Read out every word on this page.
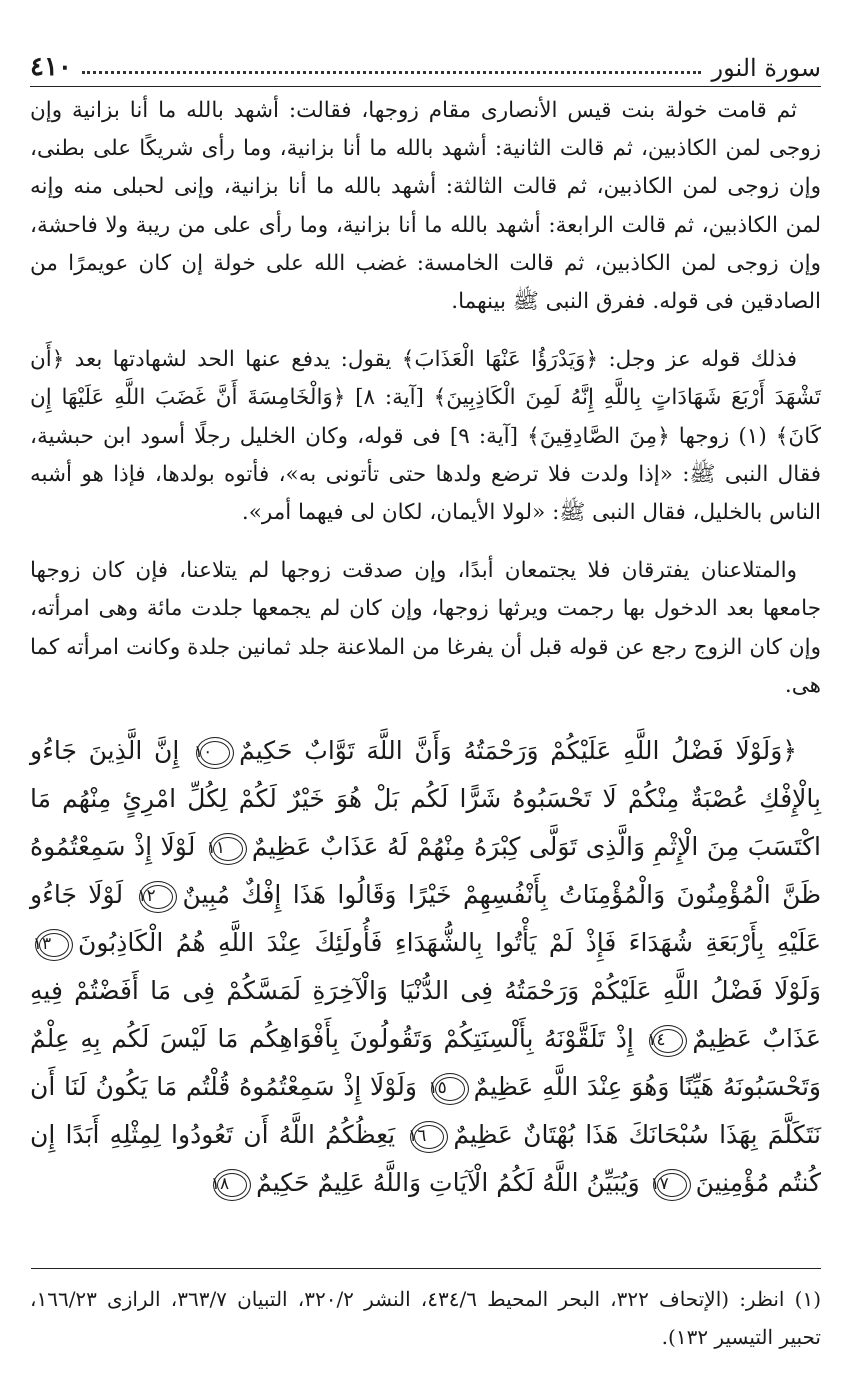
سورة النور
٤١٠

ثم قامت خولة بنت قيس الأنصارى مقام زوجها، فقالت: أشهد بالله ما أنا بزانية وإن زوجى لمن الكاذبين، ثم قالت الثانية: أشهد بالله ما أنا بزانية، وما رأى شريكًا على بطنى، وإن زوجى لمن الكاذبين، ثم قالت الثالثة: أشهد بالله ما أنا بزانية، وإنى لحبلى منه وإنه لمن الكاذبين، ثم قالت الرابعة: أشهد بالله ما أنا بزانية، وما رأى على من ريبة ولا فاحشة، وإن زوجى لمن الكاذبين، ثم قالت الخامسة: غضب الله على خولة إن كان عويمرًا من الصادقين فى قوله. ففرق النبى ﷺ بينهما.

فذلك قوله عز وجل: ﴿وَيَدْرَؤُا عَنْهَا الْعَذَابَ﴾ يقول: يدفع عنها الحد لشهادتها بعد ﴿أَن تَشْهَدَ أَرْبَعَ شَهَادَاتٍ بِاللَّهِ إِنَّهُ لَمِنَ الْكَاذِبِينَ﴾ [آية: ٨] ﴿وَالْخَامِسَةَ أَنَّ غَضَبَ اللَّهِ عَلَيْهَا إِن كَانَ﴾ (١) زوجها ﴿مِنَ الصَّادِقِينَ﴾ [آية: ٩] فى قوله، وكان الخليل رجلًا أسود ابن حبشية، فقال النبى ﷺ: «إذا ولدت فلا ترضع ولدها حتى تأتونى به»، فأتوه بولدها، فإذا هو أشبه الناس بالخليل، فقال النبى ﷺ: «لولا الأيمان، لكان لى فيهما أمر».

والمتلاعنان يفترقان فلا يجتمعان أبدًا، وإن صدقت زوجها لم يتلاعنا، فإن كان زوجها جامعها بعد الدخول بها رجمت ويرثها زوجها، وإن كان لم يجمعها جلدت مائة وهى امرأته، وإن كان الزوج رجع عن قوله قبل أن يفرغا من الملاعنة جلد ثمانين جلدة وكانت امرأته كما هى.

﴿وَلَوْلَا فَضْلُ اللَّهِ عَلَيْكُمْ وَرَحْمَتُهُ وَأَنَّ اللَّهَ تَوَّابٌ حَكِيمٌ١٠ إِنَّ الَّذِينَ جَاءُو بِالْإِفْكِ عُصْبَةٌ مِنْكُمْ لَا تَحْسَبُوهُ شَرًّا لَكُم بَلْ هُوَ خَيْرٌ لَكُمْ لِكُلِّ امْرِئٍ مِنْهُم مَا اكْتَسَبَ مِنَ الْإِثْمِ وَالَّذِى تَوَلَّى كِبْرَهُ مِنْهُمْ لَهُ عَذَابٌ عَظِيمٌ١١ لَوْلَا إِذْ سَمِعْتُمُوهُ ظَنَّ الْمُؤْمِنُونَ وَالْمُؤْمِنَاتُ بِأَنْفُسِهِمْ خَيْرًا وَقَالُوا هَذَا إِفْكٌ مُبِينٌ١٢ لَوْلَا جَاءُو عَلَيْهِ بِأَرْبَعَةِ شُهَدَاءَ فَإِذْ لَمْ يَأْتُوا بِالشُّهَدَاءِ فَأُولَئِكَ عِنْدَ اللَّهِ هُمُ الْكَاذِبُونَ١٣ وَلَوْلَا فَضْلُ اللَّهِ عَلَيْكُمْ وَرَحْمَتُهُ فِى الدُّنْيَا وَالْآخِرَةِ لَمَسَّكُمْ فِى مَا أَفَضْتُمْ فِيهِ عَذَابٌ عَظِيمٌ١٤ إِذْ تَلَقَّوْنَهُ بِأَلْسِنَتِكُمْ وَتَقُولُونَ بِأَفْوَاهِكُم مَا لَيْسَ لَكُم بِهِ عِلْمٌ وَتَحْسَبُونَهُ هَيِّنًا وَهُوَ عِنْدَ اللَّهِ عَظِيمٌ١٥ وَلَوْلَا إِذْ سَمِعْتُمُوهُ قُلْتُم مَا يَكُونُ لَنَا أَن نَتَكَلَّمَ بِهَذَا سُبْحَانَكَ هَذَا بُهْتَانٌ عَظِيمٌ١٦ يَعِظُكُمُ اللَّهُ أَن تَعُودُوا لِمِثْلِهِ أَبَدًا إِن كُنتُم مُؤْمِنِينَ١٧ وَيُبَيِّنُ اللَّهُ لَكُمُ الْآيَاتِ وَاللَّهُ عَلِيمٌ حَكِيمٌ١٨
(١) انظر: (الإتحاف ٣٢٢، البحر المحيط ٤٣٤/٦، النشر ٣٢٠/٢، التبيان ٣٦٣/٧، الرازى ١٦٦/٢٣، تحبير التيسير ١٣٢).
